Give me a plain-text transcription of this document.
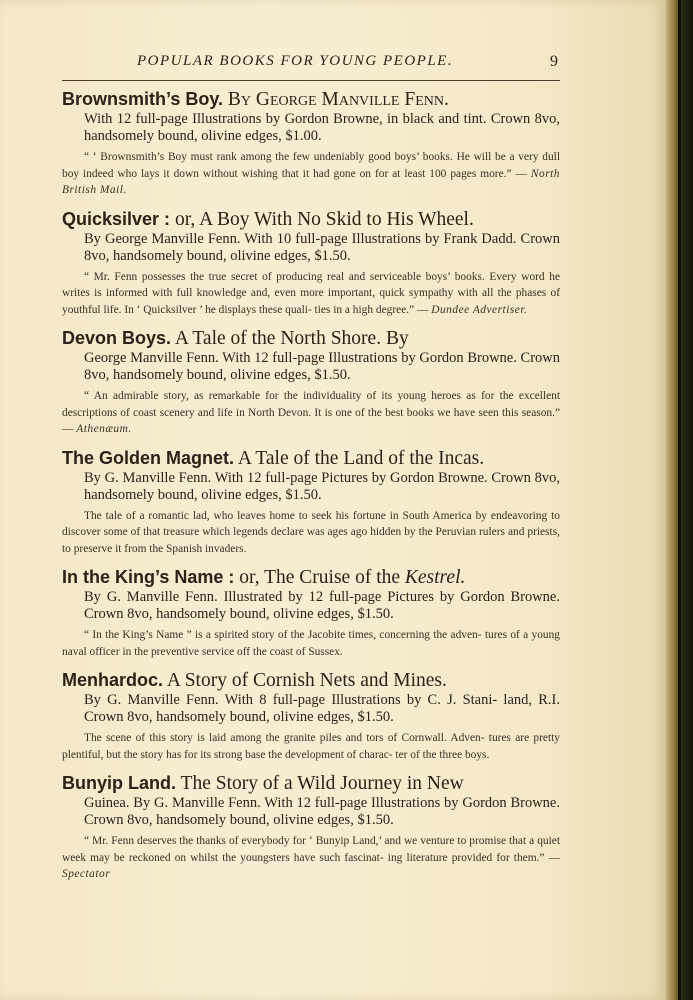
POPULAR BOOKS FOR YOUNG PEOPLE.	9

Brownsmith’s Boy. By George Manville Fenn.

With 12 full-page Illustrations by Gordon Browne, in black and tint. Crown 8vo, handsomely bound, olivine edges, $1.00.

“ ‘ Brownsmith’s Boy must rank among the few undeniably good boys’ books. He will be a very dull boy indeed who lays it down without wishing that it had gone on for at least 100 pages more.” — North British Mail.

Quicksilver : or, A Boy With No Skid to His Wheel.

By George Manville Fenn. With 10 full-page Illustrations by Frank Dadd. Crown 8vo, handsomely bound, olivine edges, $1.50.

“ Mr. Fenn possesses the true secret of producing real and serviceable boys’ books. Every word he writes is informed with full knowledge and, even more important, quick sympathy with all the phases of youthful life. In ‘ Quicksilver ’ he displays these quali- ties in a high degree.” — Dundee Advertiser.

Devon Boys. A Tale of the North Shore. By

George Manville Fenn. With 12 full-page Illustrations by Gordon Browne. Crown 8vo, handsomely bound, olivine edges, $1.50.

“ An admirable story, as remarkable for the individuality of its young heroes as for the excellent descriptions of coast scenery and life in North Devon. It is one of the best books we have seen this season.” — Athenæum.

The Golden Magnet. A Tale of the Land of the Incas.

By G. Manville Fenn. With 12 full-page Pictures by Gordon Browne. Crown 8vo, handsomely bound, olivine edges, $1.50.

The tale of a romantic lad, who leaves home to seek his fortune in South America by endeavoring to discover some of that treasure which legends declare was ages ago hidden by the Peruvian rulers and priests, to preserve it from the Spanish invaders.

In the King’s Name : or, The Cruise of the Kestrel.

By G. Manville Fenn. Illustrated by 12 full-page Pictures by Gordon Browne. Crown 8vo, handsomely bound, olivine edges, $1.50.

“ In the King’s Name ” is a spirited story of the Jacobite times, concerning the adven- tures of a young naval officer in the preventive service off the coast of Sussex.

Menhardoc. A Story of Cornish Nets and Mines.

By G. Manville Fenn. With 8 full-page Illustrations by C. J. Stani- land, R.I. Crown 8vo, handsomely bound, olivine edges, $1.50.

The scene of this story is laid among the granite piles and tors of Cornwall. Adven- tures are pretty plentiful, but the story has for its strong base the development of charac- ter of the three boys.

Bunyip Land. The Story of a Wild Journey in New

Guinea. By G. Manville Fenn. With 12 full-page Illustrations by Gordon Browne. Crown 8vo, handsomely bound, olivine edges, $1.50.

“ Mr. Fenn deserves the thanks of everybody for ‘ Bunyip Land,’ and we venture to promise that a quiet week may be reckoned on whilst the youngsters have such fascinat- ing literature provided for them.” — Spectator
